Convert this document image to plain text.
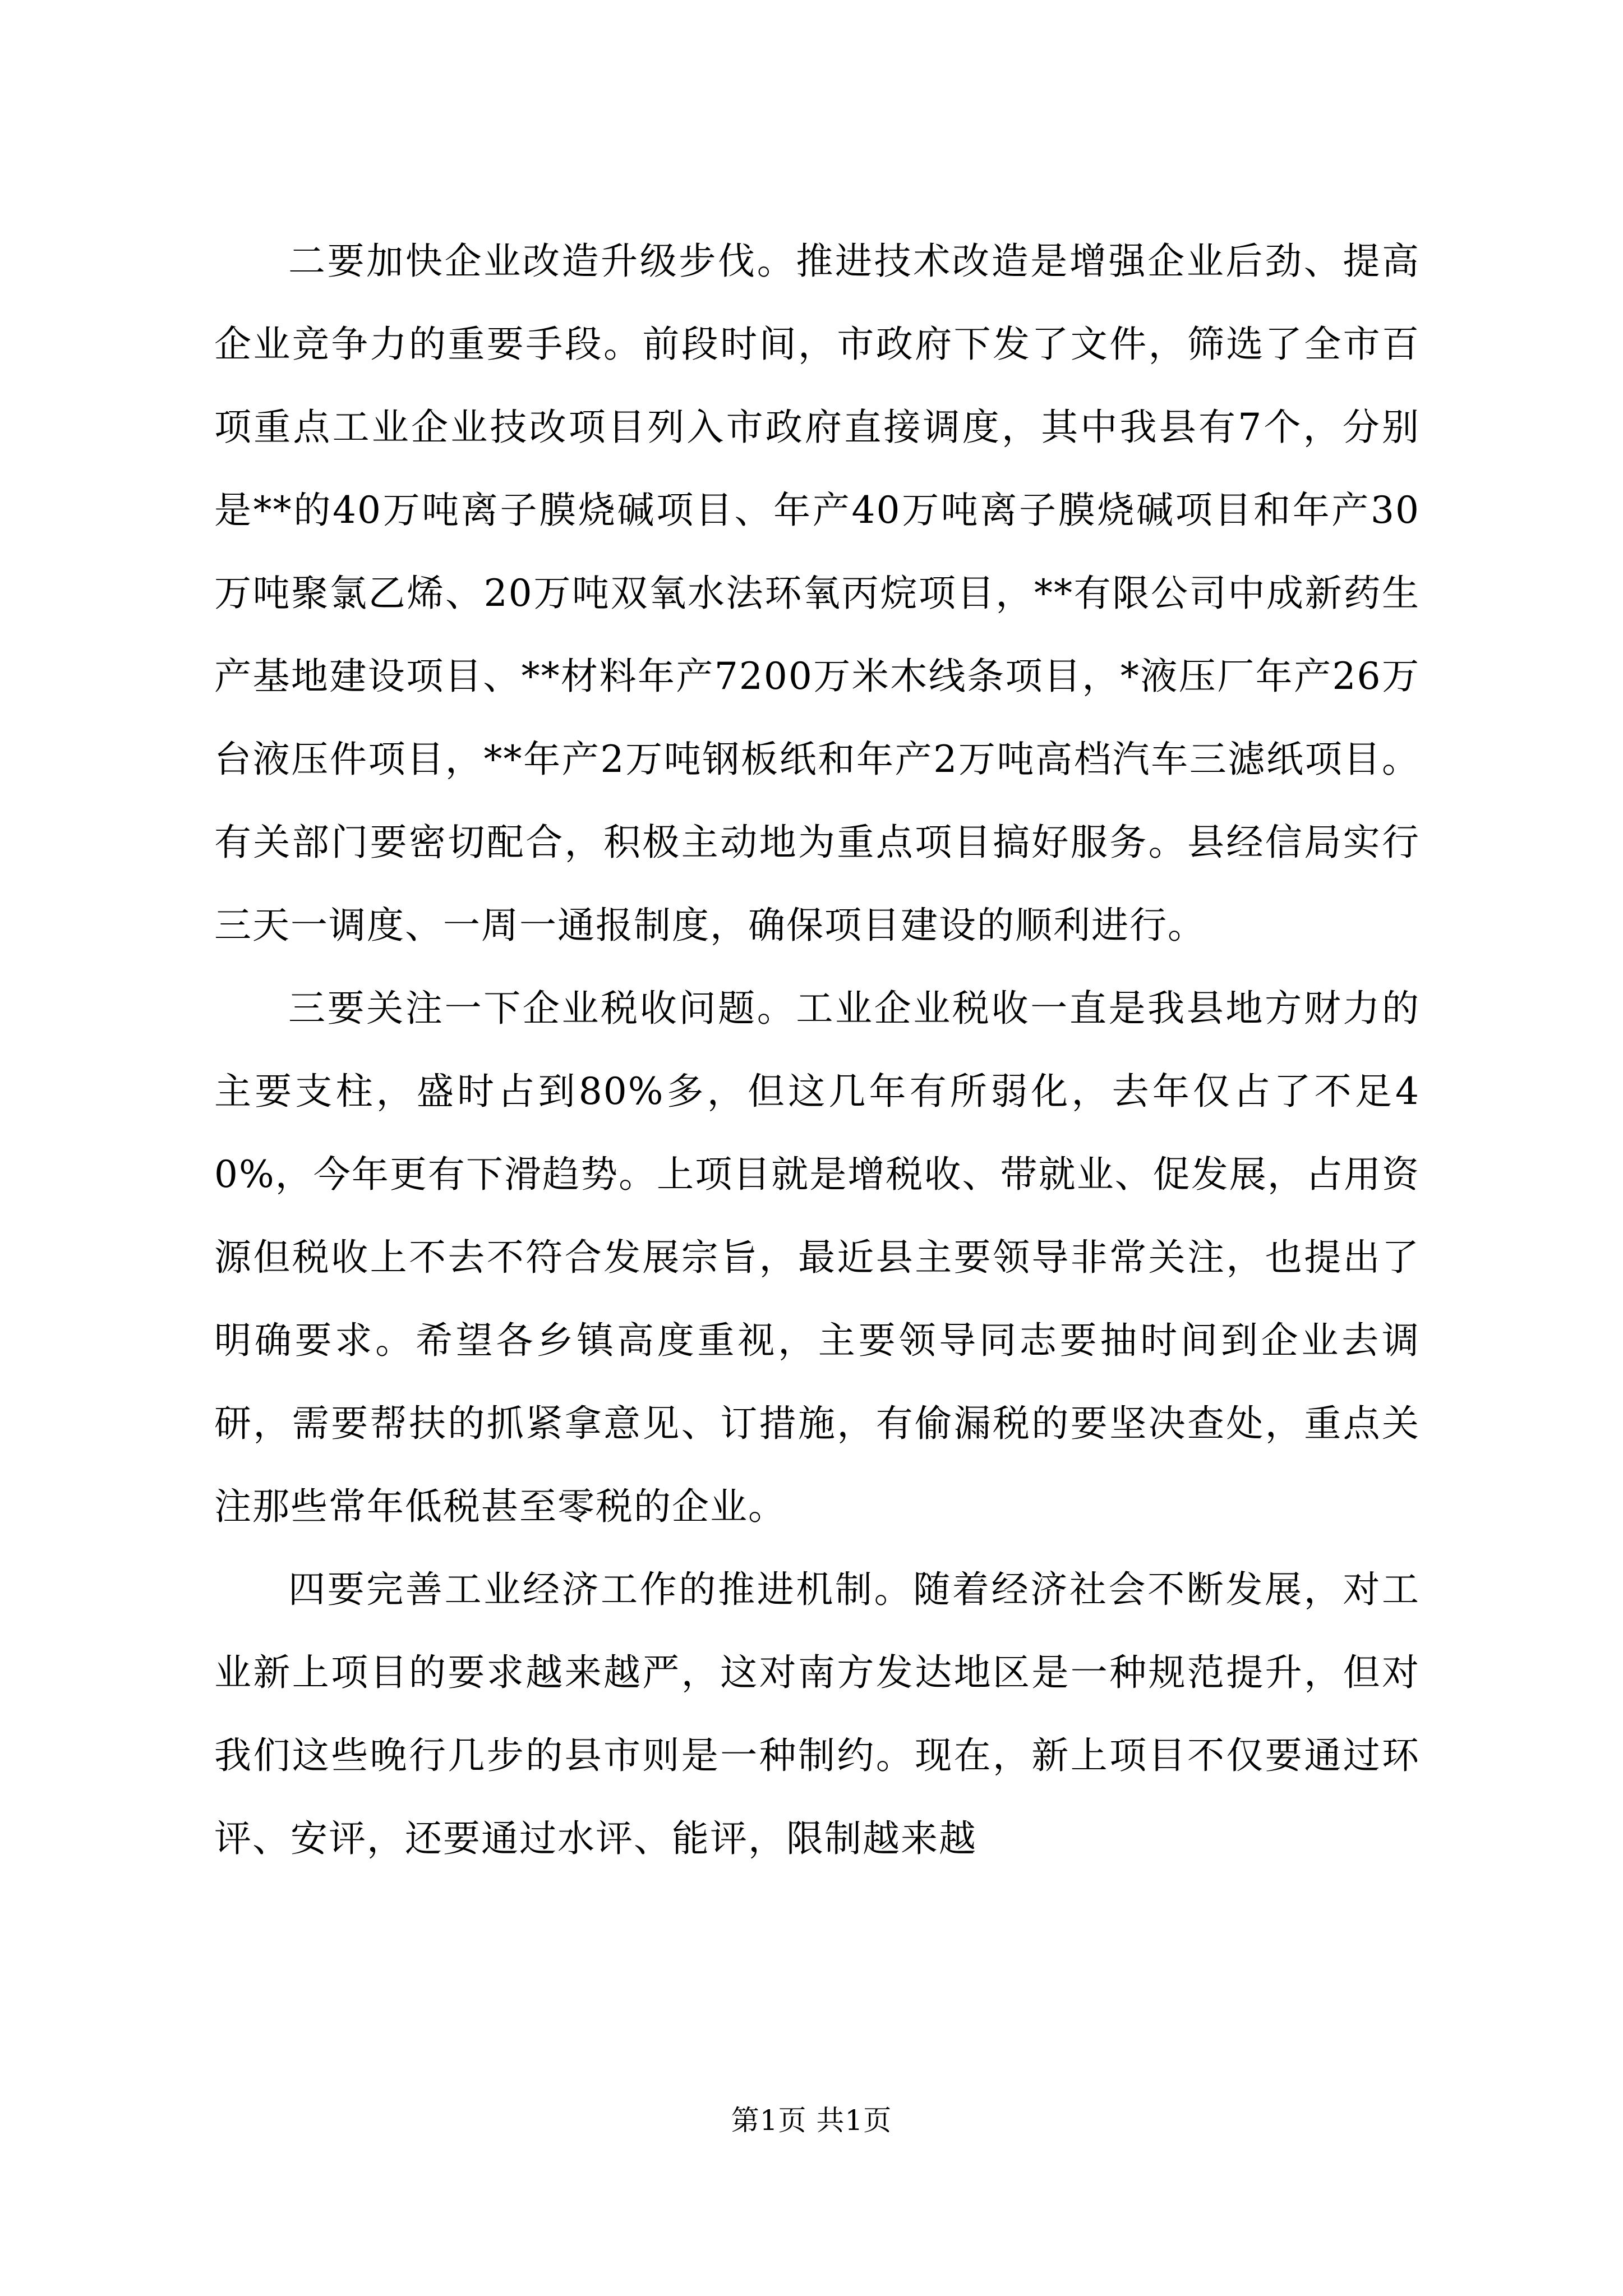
二要加快企业改造升级步伐。推进技术改造是增强企业后劲、提高企业竞争力的重要手段。前段时间，市政府下发了文件，筛选了全市百项重点工业企业技改项目列入市政府直接调度，其中我县有7个，分别是**的40万吨离子膜烧碱项目、年产40万吨离子膜烧碱项目和年产30万吨聚氯乙烯、20万吨双氧水法环氧丙烷项目，**有限公司中成新药生产基地建设项目、**材料年产7200万米木线条项目，*液压厂年产26万台液压件项目，**年产2万吨钢板纸和年产2万吨高档汽车三滤纸项目。有关部门要密切配合，积极主动地为重点项目搞好服务。县经信局实行三天一调度、一周一通报制度，确保项目建设的顺利进行。

三要关注一下企业税收问题。工业企业税收一直是我县地方财力的主要支柱，盛时占到80%多，但这几年有所弱化，去年仅占了不足40%，今年更有下滑趋势。上项目就是增税收、带就业、促发展，占用资源但税收上不去不符合发展宗旨，最近县主要领导非常关注，也提出了明确要求。希望各乡镇高度重视，主要领导同志要抽时间到企业去调研，需要帮扶的抓紧拿意见、订措施，有偷漏税的要坚决查处，重点关注那些常年低税甚至零税的企业。

四要完善工业经济工作的推进机制。随着经济社会不断发展，对工业新上项目的要求越来越严，这对南方发达地区是一种规范提升，但对我们这些晚行几步的县市则是一种制约。现在，新上项目不仅要通过环评、安评，还要通过水评、能评，限制越来越

第1页 共1页
